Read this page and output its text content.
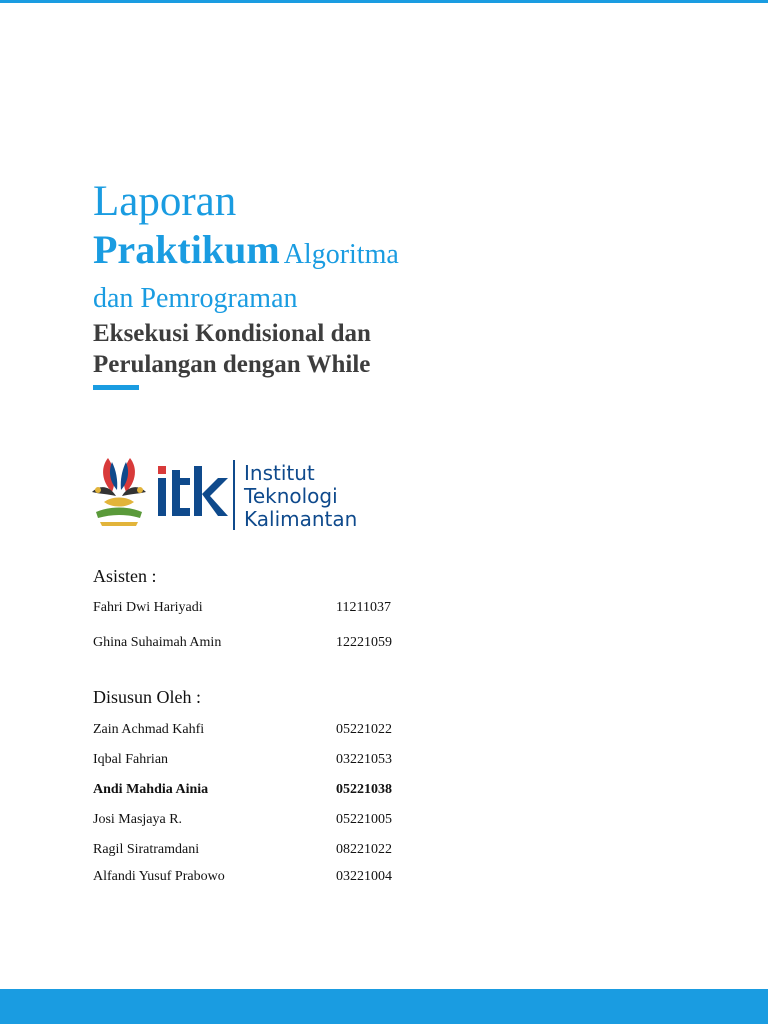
Laporan
Praktikum Algoritma
dan Pemrograman
Eksekusi Kondisional dan
Perulangan dengan While
Institut
Teknologi
Kalimantan
Asisten :
Fahri Dwi Hariyadi	11211037
Ghina Suhaimah Amin	12221059
Disusun Oleh :
Zain Achmad Kahfi	05221022
Iqbal Fahrian	03221053
Andi Mahdia Ainia	05221038
Josi Masjaya R.	05221005
Ragil Siratramdani	08221022
Alfandi Yusuf Prabowo	03221004
